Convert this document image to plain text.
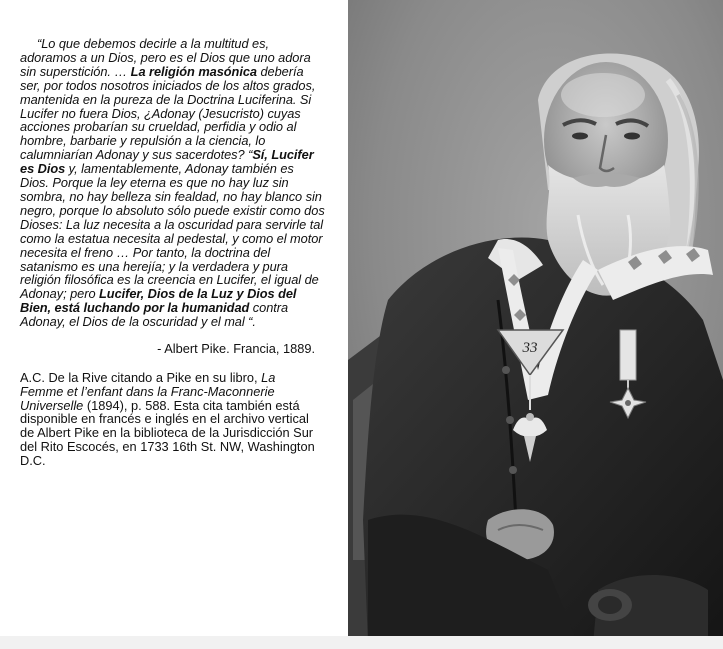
“Lo que debemos decirle a la multitud es, adoramos a un Dios, pero es el Dios que uno adora sin superstición. … La religión masónica debería ser, por todos nosotros iniciados de los altos grados, mantenida en la pureza de la Doctrina Luciferina. Si Lucifer no fuera Dios, ¿Adonay (Jesucristo) cuyas acciones probarían su crueldad, perfidia y odio al hombre, barbarie y repulsión a la ciencia, lo calumniarían Adonay y sus sacerdotes? “Sí, Lucifer es Dios y, lamentablemente, Adonay también es Dios. Porque la ley eterna es que no hay luz sin sombra, no hay belleza sin fealdad, no hay blanco sin negro, porque lo absoluto sólo puede existir como dos Dioses: La luz necesita a la oscuridad para servirle tal como la estatua necesita al pedestal, y como el motor necesita el freno … Por tanto, la doctrina del satanismo es una herejía; y la verdadera y pura religión filosófica es la creencia en Lucifer, el igual de Adonay; pero Lucifer, Dios de la Luz y Dios del Bien, está luchando por la humanidad contra Adonay, el Dios de la oscuridad y el mal “.

- Albert Pike. Francia, 1889.

A.C. De la Rive citando a Pike en su libro, La Femme et l’enfant dans la Franc-Maconnerie Universelle (1894), p. 588. Esta cita también está disponible en francés e inglés en el archivo vertical de Albert Pike en la biblioteca de la Jurisdicción Sur del Rito Escocés, en 1733 16th St. NW, Washington D.C.

33
